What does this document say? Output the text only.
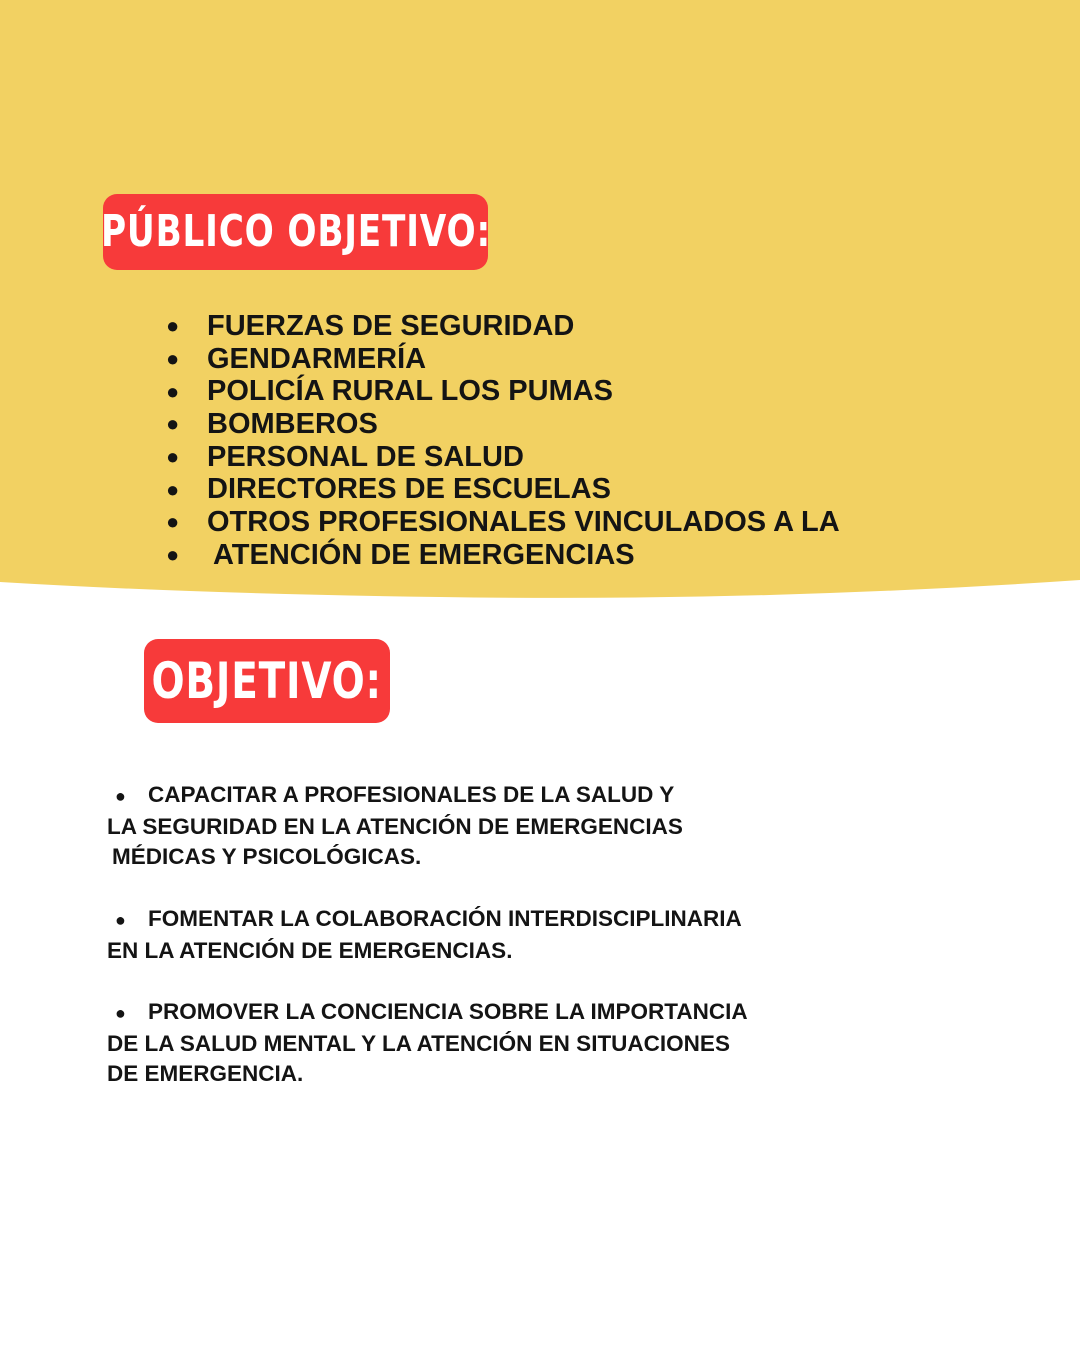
PÚBLICO OBJETIVO:
● FUERZAS DE SEGURIDAD
● GENDARMERÍA
● POLICÍA RURAL LOS PUMAS
● BOMBEROS
● PERSONAL DE SALUD
● DIRECTORES DE ESCUELAS
● OTROS PROFESIONALES VINCULADOS A LA
●	ATENCIÓN DE EMERGENCIAS
OBJETIVO:
● CAPACITAR A PROFESIONALES DE LA SALUD Y
LA SEGURIDAD EN LA ATENCIÓN DE EMERGENCIAS
MÉDICAS Y PSICOLÓGICAS.
● FOMENTAR LA COLABORACIÓN INTERDISCIPLINARIA
EN LA ATENCIÓN DE EMERGENCIAS.
● PROMOVER LA CONCIENCIA SOBRE LA IMPORTANCIA
DE LA SALUD MENTAL Y LA ATENCIÓN EN SITUACIONES
DE EMERGENCIA.
